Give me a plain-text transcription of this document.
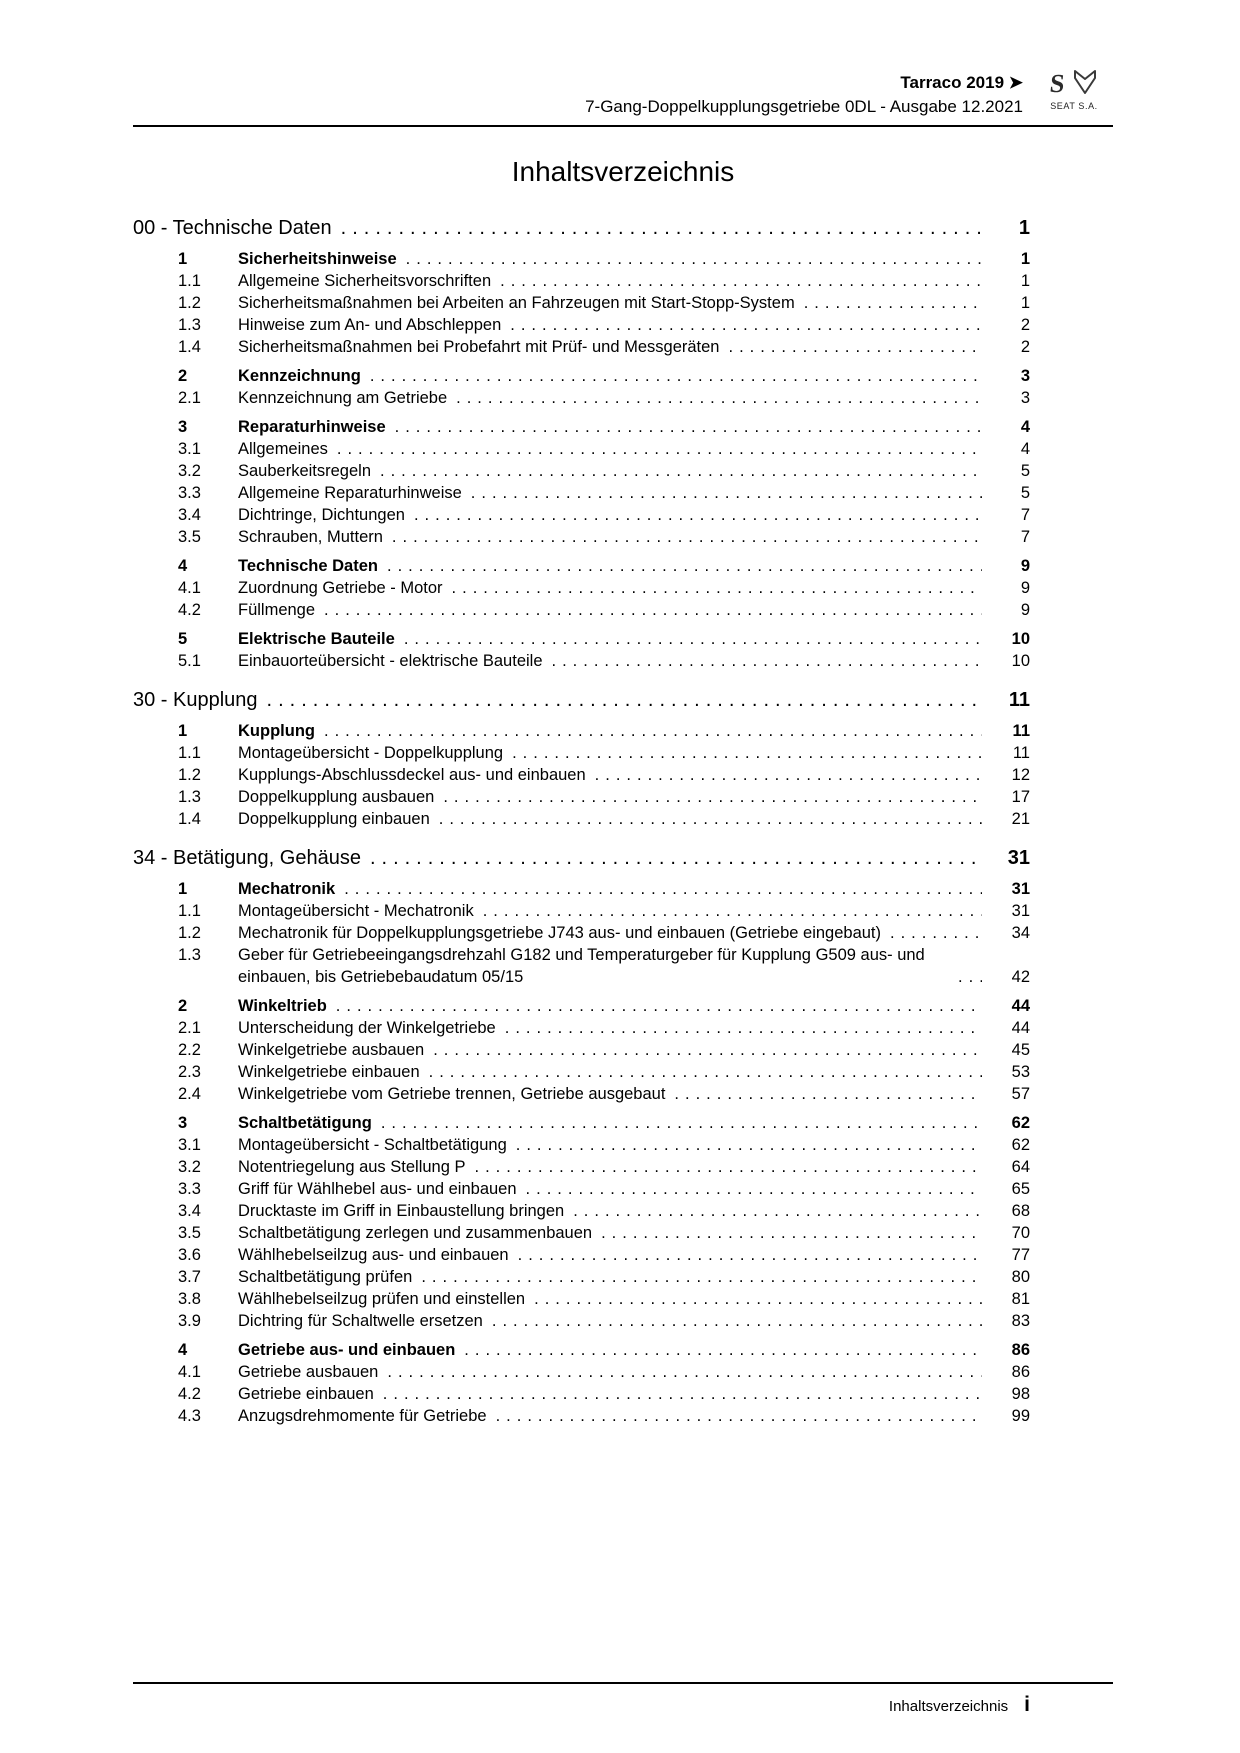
Tarraco 2019 ➤
7-Gang-Doppelkupplungsgetriebe 0DL - Ausgabe 12.2021
S
SEAT S.A.
Inhaltsverzeichnis
00 - Technische Daten .....	1
1	Sicherheitshinweise .....	1
1.1	Allgemeine Sicherheitsvorschriften .....	1
1.2	Sicherheitsmaßnahmen bei Arbeiten an Fahrzeugen mit Start-Stopp-System .....	1
1.3	Hinweise zum An- und Abschleppen .....	2
1.4	Sicherheitsmaßnahmen bei Probefahrt mit Prüf- und Messgeräten .....	2
2	Kennzeichnung .....	3
2.1	Kennzeichnung am Getriebe .....	3
3	Reparaturhinweise .....	4
3.1	Allgemeines .....	4
3.2	Sauberkeitsregeln .....	5
3.3	Allgemeine Reparaturhinweise .....	5
3.4	Dichtringe, Dichtungen .....	7
3.5	Schrauben, Muttern .....	7
4	Technische Daten .....	9
4.1	Zuordnung Getriebe - Motor .....	9
4.2	Füllmenge .....	9
5	Elektrische Bauteile .....	10
5.1	Einbauorteübersicht - elektrische Bauteile .....	10
30 - Kupplung .....	11
1	Kupplung .....	11
1.1	Montageübersicht - Doppelkupplung .....	11
1.2	Kupplungs-Abschlussdeckel aus- und einbauen .....	12
1.3	Doppelkupplung ausbauen .....	17
1.4	Doppelkupplung einbauen .....	21
34 - Betätigung, Gehäuse .....	31
1	Mechatronik .....	31
1.1	Montageübersicht - Mechatronik .....	31
1.2	Mechatronik für Doppelkupplungsgetriebe J743 aus- und einbauen (Getriebe eingebaut) .....	34
1.3	Geber für Getriebeeingangsdrehzahl G182 und Temperaturgeber für Kupplung G509 aus- und einbauen, bis Getriebebaudatum 05/15 .....	42
2	Winkeltrieb .....	44
2.1	Unterscheidung der Winkelgetriebe .....	44
2.2	Winkelgetriebe ausbauen .....	45
2.3	Winkelgetriebe einbauen .....	53
2.4	Winkelgetriebe vom Getriebe trennen, Getriebe ausgebaut .....	57
3	Schaltbetätigung .....	62
3.1	Montageübersicht - Schaltbetätigung .....	62
3.2	Notentriegelung aus Stellung P .....	64
3.3	Griff für Wählhebel aus- und einbauen .....	65
3.4	Drucktaste im Griff in Einbaustellung bringen .....	68
3.5	Schaltbetätigung zerlegen und zusammenbauen .....	70
3.6	Wählhebelseilzug aus- und einbauen .....	77
3.7	Schaltbetätigung prüfen .....	80
3.8	Wählhebelseilzug prüfen und einstellen .....	81
3.9	Dichtring für Schaltwelle ersetzen .....	83
4	Getriebe aus- und einbauen .....	86
4.1	Getriebe ausbauen .....	86
4.2	Getriebe einbauen .....	98
4.3	Anzugsdrehmomente für Getriebe .....	99
Inhaltsverzeichnis i
